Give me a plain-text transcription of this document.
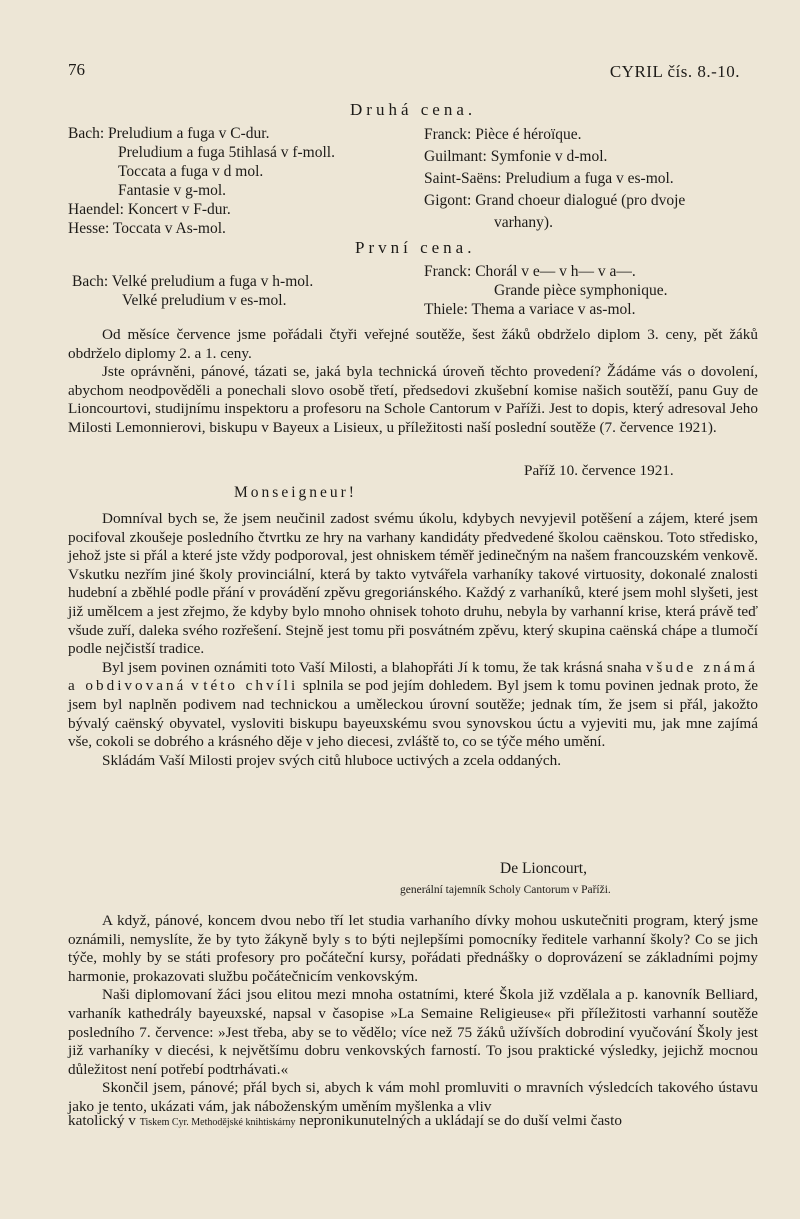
76	CYRIL čís. 8.-10.
Druhá cena.
Bach: Preludium a fuga v C-dur.
Preludium a fuga 5tihlasá v f-moll.
Toccata a fuga v d mol.
Fantasie v g-mol.
Haendel: Koncert v F-dur.
Hesse: Toccata v As-mol.
Franck: Pièce é héroïque.
Guilmant: Symfonie v d-mol.
Saint-Saëns: Preludium a fuga v es-mol.
Gigont: Grand choeur dialogué (pro dvoje
varhany).
První cena.
Bach: Velké preludium a fuga v h-mol.
Velké preludium v es-mol.
Franck: Chorál v e— v h— v a—.
Grande pièce symphonique.
Thiele: Thema a variace v as-mol.

Od měsíce července jsme pořádali čtyři veřejné soutěže, šest žáků obdrželo diplom 3. ceny, pět žáků obdrželo diplomy 2. a 1. ceny.

Jste oprávněni, pánové, tázati se, jaká byla technická úroveň těchto provedení? Žádáme vás o dovolení, abychom neodpověděli a ponechali slovo osobě třetí, předsedovi zkušební komise našich soutěží, panu Guy de Lioncourtovi, studijnímu inspektoru a profesoru na Schole Cantorum v Paříži. Jest to dopis, který adresoval Jeho Milosti Lemonnierovi, biskupu v Bayeux a Lisieux, u příležitosti naší poslední soutěže (7. července 1921).

Paříž 10. července 1921.
Monseigneur!

Domníval bych se, že jsem neučinil zadost svému úkolu, kdybych nevyjevil potěšení a zájem, které jsem pocifoval zkoušeje posledního čtvrtku ze hry na varhany kandidáty předvedené školou caënskou. Toto středisko, jehož jste si přál a které jste vždy podporoval, jest ohniskem téměř jedinečným na našem francouzském venkově. Vskutku nezřím jiné školy provinciální, která by takto vytvářela varhaníky takové virtuosity, dokonalé znalosti hudební a zběhlé podle přání v provádění zpěvu gregoriánského. Každý z varhaníků, které jsem mohl slyšeti, jest již umělcem a jest zřejmo, že kdyby bylo mnoho ohnisek tohoto druhu, nebyla by varhanní krise, která právě teď všude zuří, daleka svého rozřešení. Stejně jest tomu při posvátném zpěvu, který skupina caënská chápe a tlumočí podle nejčistší tradice.

Byl jsem povinen oznámiti toto Vaší Milosti, a blahopřáti Jí k tomu, že tak krásná snaha všude známá a obdivovaná v této chvíli splnila se pod jejím dohledem. Byl jsem k tomu povinen jednak proto, že jsem byl naplněn podivem nad technickou a uměleckou úrovní soutěže; jednak tím, že jsem si přál, jakožto bývalý caënský obyvatel, vysloviti biskupu bayeuxskému svou synovskou úctu a vyjeviti mu, jak mne zajímá vše, cokoli se dobrého a krásného děje v jeho diecesi, zvláště to, co se týče mého umění.

Skládám Vaší Milosti projev svých citů hluboce uctivých a zcela oddaných.

De Lioncourt,
generální tajemník Scholy Cantorum v Paříži.

A když, pánové, koncem dvou nebo tří let studia varhaního dívky mohou uskutečniti program, který jsme oznámili, nemyslíte, že by tyto žákyně byly s to býti nejlepšími pomocníky ředitele varhanní školy? Co se jich týče, mohly by se státi profesory pro počáteční kursy, pořádati přednášky o doprovázení se základními pojmy harmonie, prokazovati službu počátečnicím venkovským.

Naši diplomovaní žáci jsou elitou mezi mnoha ostatními, které Škola již vzdělala a p. kanovník Belliard, varhaník kathedrály bayeuxské, napsal v časopise »La Semaine Religieuse« při příležitosti varhanní soutěže posledního 7. července: »Jest třeba, aby se to vědělo; více než 75 žáků užívších dobrodiní vyučování Školy jest již varhaníky v diecési, k největšímu dobru venkovských farností. To jsou praktické výsledky, jejichž mocnou důležitost není potřebí podtrhávati.«

Skončil jsem, pánové; přál bych si, abych k vám mohl promluviti o mravních výsledcích takového ústavu jako je tento, ukázati vám, jak náboženským uměním myšlenka a vliv

katolický v Tiskem Cyr. Methodějské knihtiskárny nepronikunutelných a ukládají se do duší velmi často
